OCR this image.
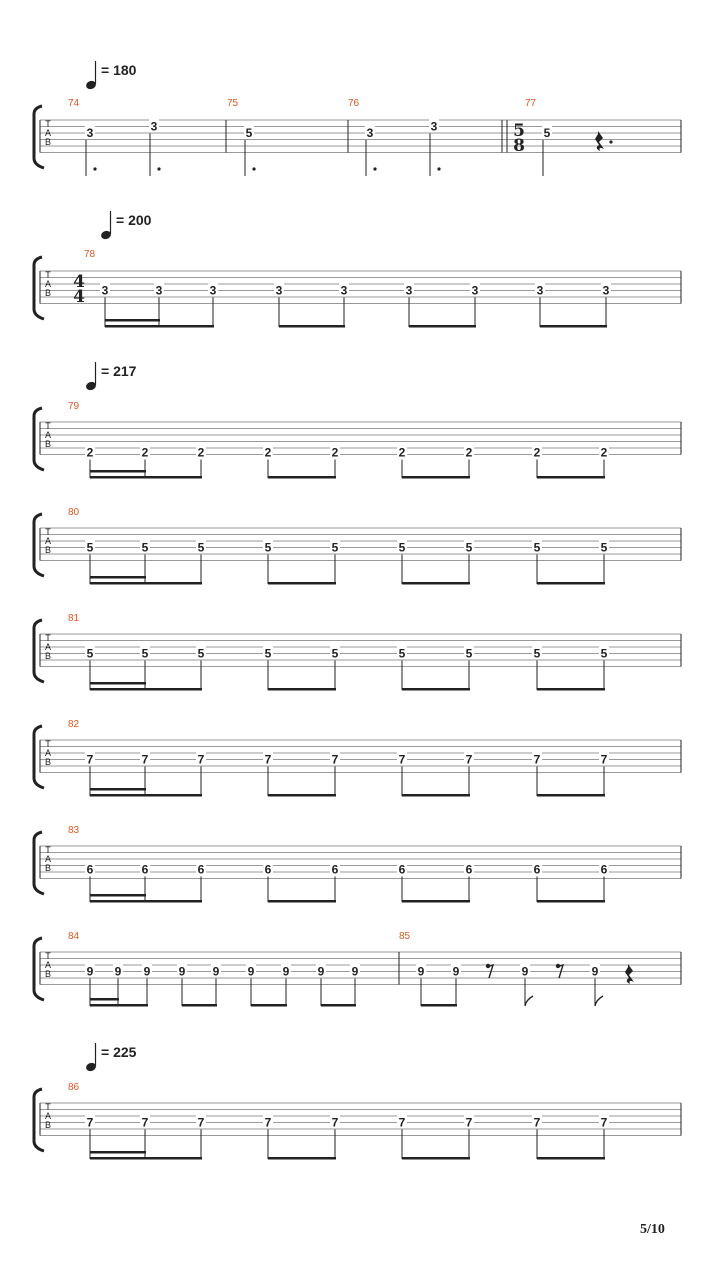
= 180
T
A
B
74	75	76	77
5
8
3	3	5	3	3	5
= 200
T
A
B
78
4
4 3	3	3	3	3	3	3	3	3
= 217
T
A
B
79
2	2	2	2	2	2	2	2	2
T
A
B
80
5	5	5	5	5	5	5	5	5
T
A
B
81
5	5	5	5	5	5	5	5	5
T
A
B
82
7	7	7	7	7	7	7	7	7
T
A
B
83
6	6	6	6	6	6	6	6	6
T
A
B
84	85
9 9 9 9 9 9 9 9 9	9 9	9	9
= 225
T
A
B
86
7	7	7	7	7	7	7	7	7
5/10
